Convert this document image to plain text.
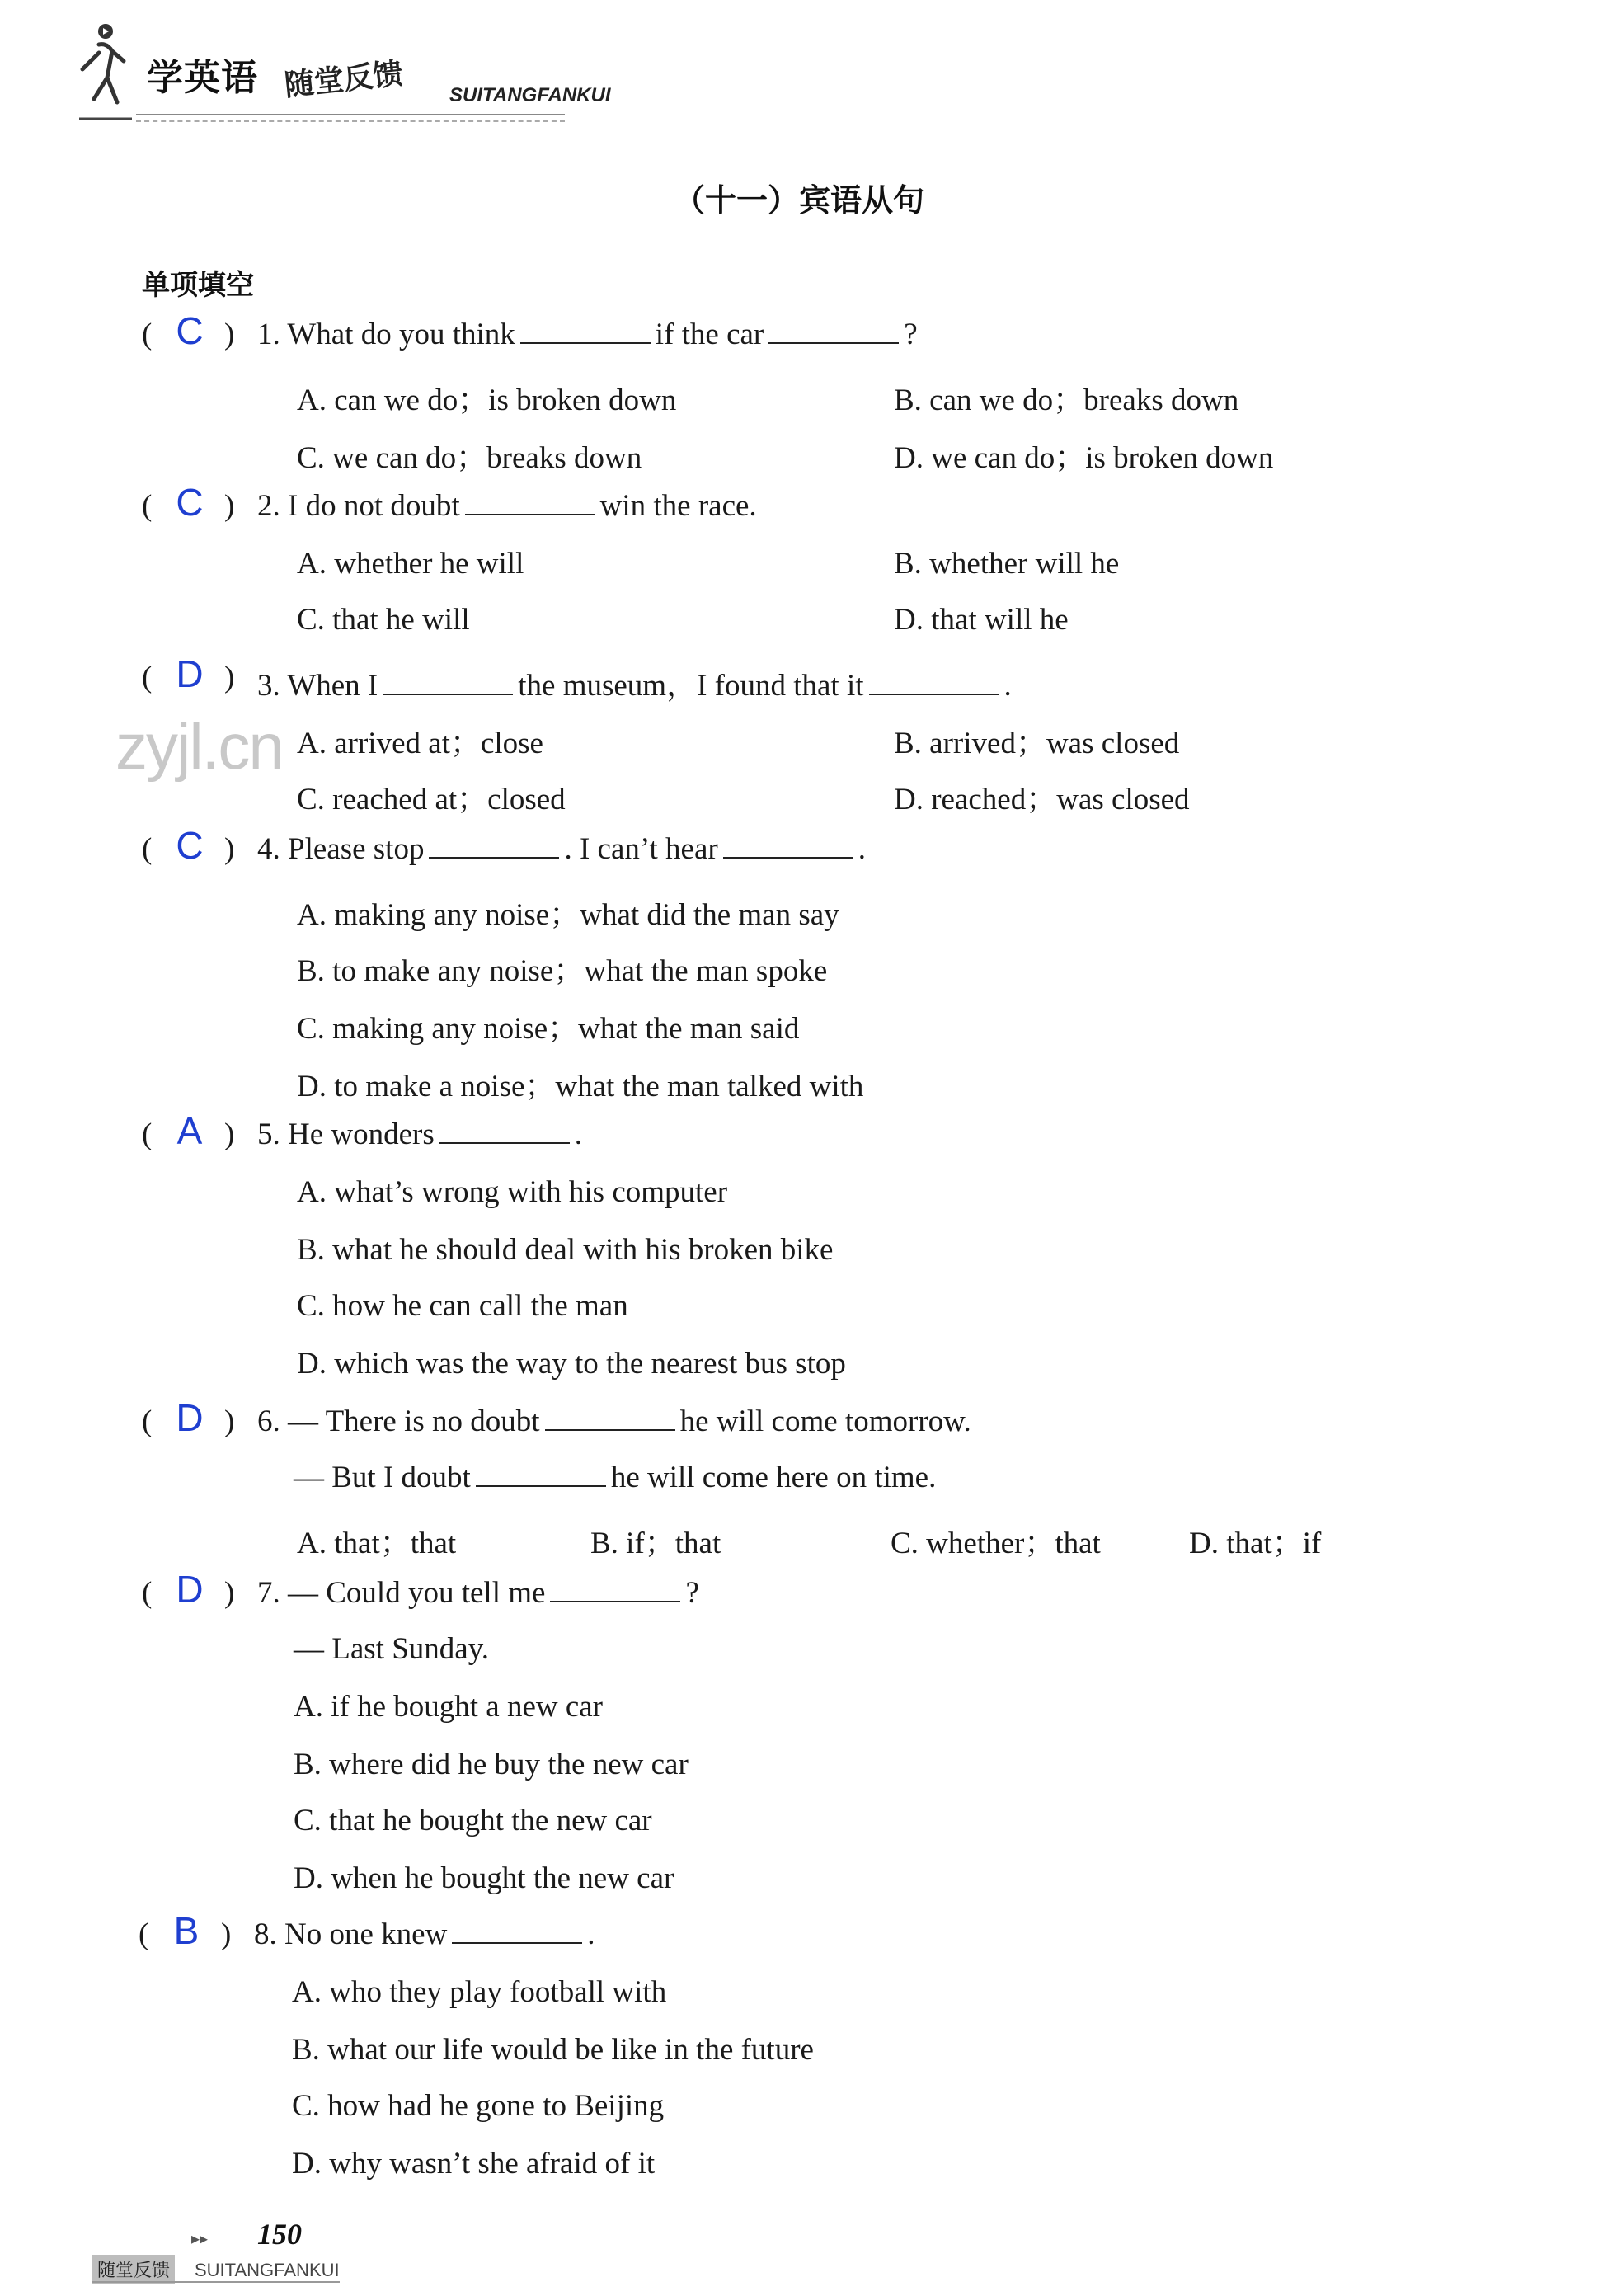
学英语 随堂反馈 SUITANGFANKUI
（十一）宾语从句
单项填空
zyjl.cn
( C ) 1. What do you think	if the car	?
A. can we do；is broken down	B. can we do；breaks down
C. we can do；breaks down	D. we can do；is broken down
( C ) 2. I do not doubt	win the race.
A. whether he will	B. whether will he
C. that he will	D. that will he
( D ) 3. When I	the museum，I found that it	.
A. arrived at；close	B. arrived；was closed
C. reached at；closed	D. reached；was closed
( C ) 4. Please stop	. I can’t hear	.
A. making any noise；what did the man say
B. to make any noise；what the man spoke
C. making any noise；what the man said
D. to make a noise；what the man talked with
( A ) 5. He wonders	.
A. what’s wrong with his computer
B. what he should deal with his broken bike
C. how he can call the man
D. which was the way to the nearest bus stop
( D ) 6. — There is no doubt	he will come tomorrow.
— But I doubt	he will come here on time.
A. that；that	B. if；that	C. whether；that	D. that；if
( D ) 7. — Could you tell me	?
— Last Sunday.
A. if he bought a new car
B. where did he buy the new car
C. that he bought the new car
D. when he bought the new car
( B ) 8. No one knew	.
A. who they play football with
B. what our life would be like in the future
C. how had he gone to Beijing
D. why wasn’t she afraid of it
▸▸ 150
随堂反馈 SUITANGFANKUI
